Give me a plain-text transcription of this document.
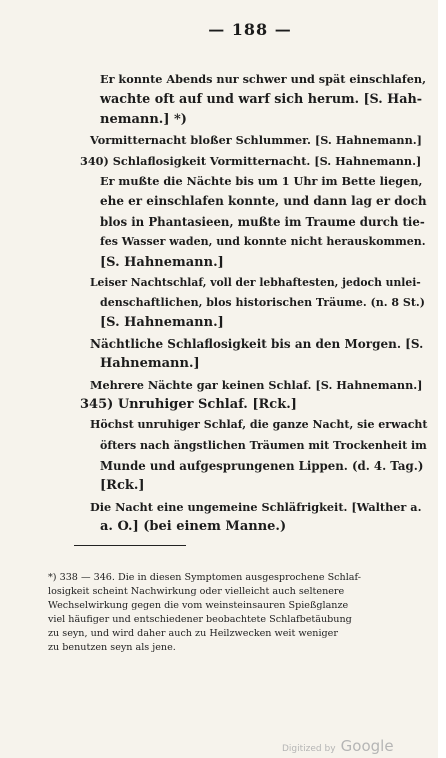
— 188 —
Er konnte Abends nur schwer und spät einschlafen,
wachte oft auf und warf sich herum. [S. Hah-
nemann.] *)
Vormitternacht bloßer Schlummer. [S. Hahnemann.]
340) Schlaflosigkeit Vormitternacht. [S. Hahnemann.]
Er mußte die Nächte bis um 1 Uhr im Bette liegen,
ehe er einschlafen konnte, und dann lag er doch
blos in Phantasieen, mußte im Traume durch tie-
fes Wasser waden, und konnte nicht herauskommen.
[S. Hahnemann.]
Leiser Nachtschlaf, voll der lebhaftesten, jedoch unlei-
denschaftlichen, blos historischen Träume. (n. 8 St.)
[S. Hahnemann.]
Nächtliche Schlaflosigkeit bis an den Morgen. [S.
Hahnemann.]
Mehrere Nächte gar keinen Schlaf. [S. Hahnemann.]
345) Unruhiger Schlaf. [Rck.]
Höchst unruhiger Schlaf, die ganze Nacht, sie erwacht
öfters nach ängstlichen Träumen mit Trockenheit im
Munde und aufgesprungenen Lippen. (d. 4. Tag.)
[Rck.]
Die Nacht eine ungemeine Schläfrigkeit. [Walther a.
a. O.] (bei einem Manne.)
*) 338 — 346. Die in diesen Symptomen ausgesprochene Schlaf-
losigkeit scheint Nachwirkung oder vielleicht auch seltenere
Wechselwirkung gegen die vom weinsteinsauren Spießglanze
viel häufiger und entschiedener beobachtete Schlafbetäubung
zu seyn, und wird daher auch zu Heilzwecken weit weniger
zu benutzen seyn als jene.
Digitized by Google
